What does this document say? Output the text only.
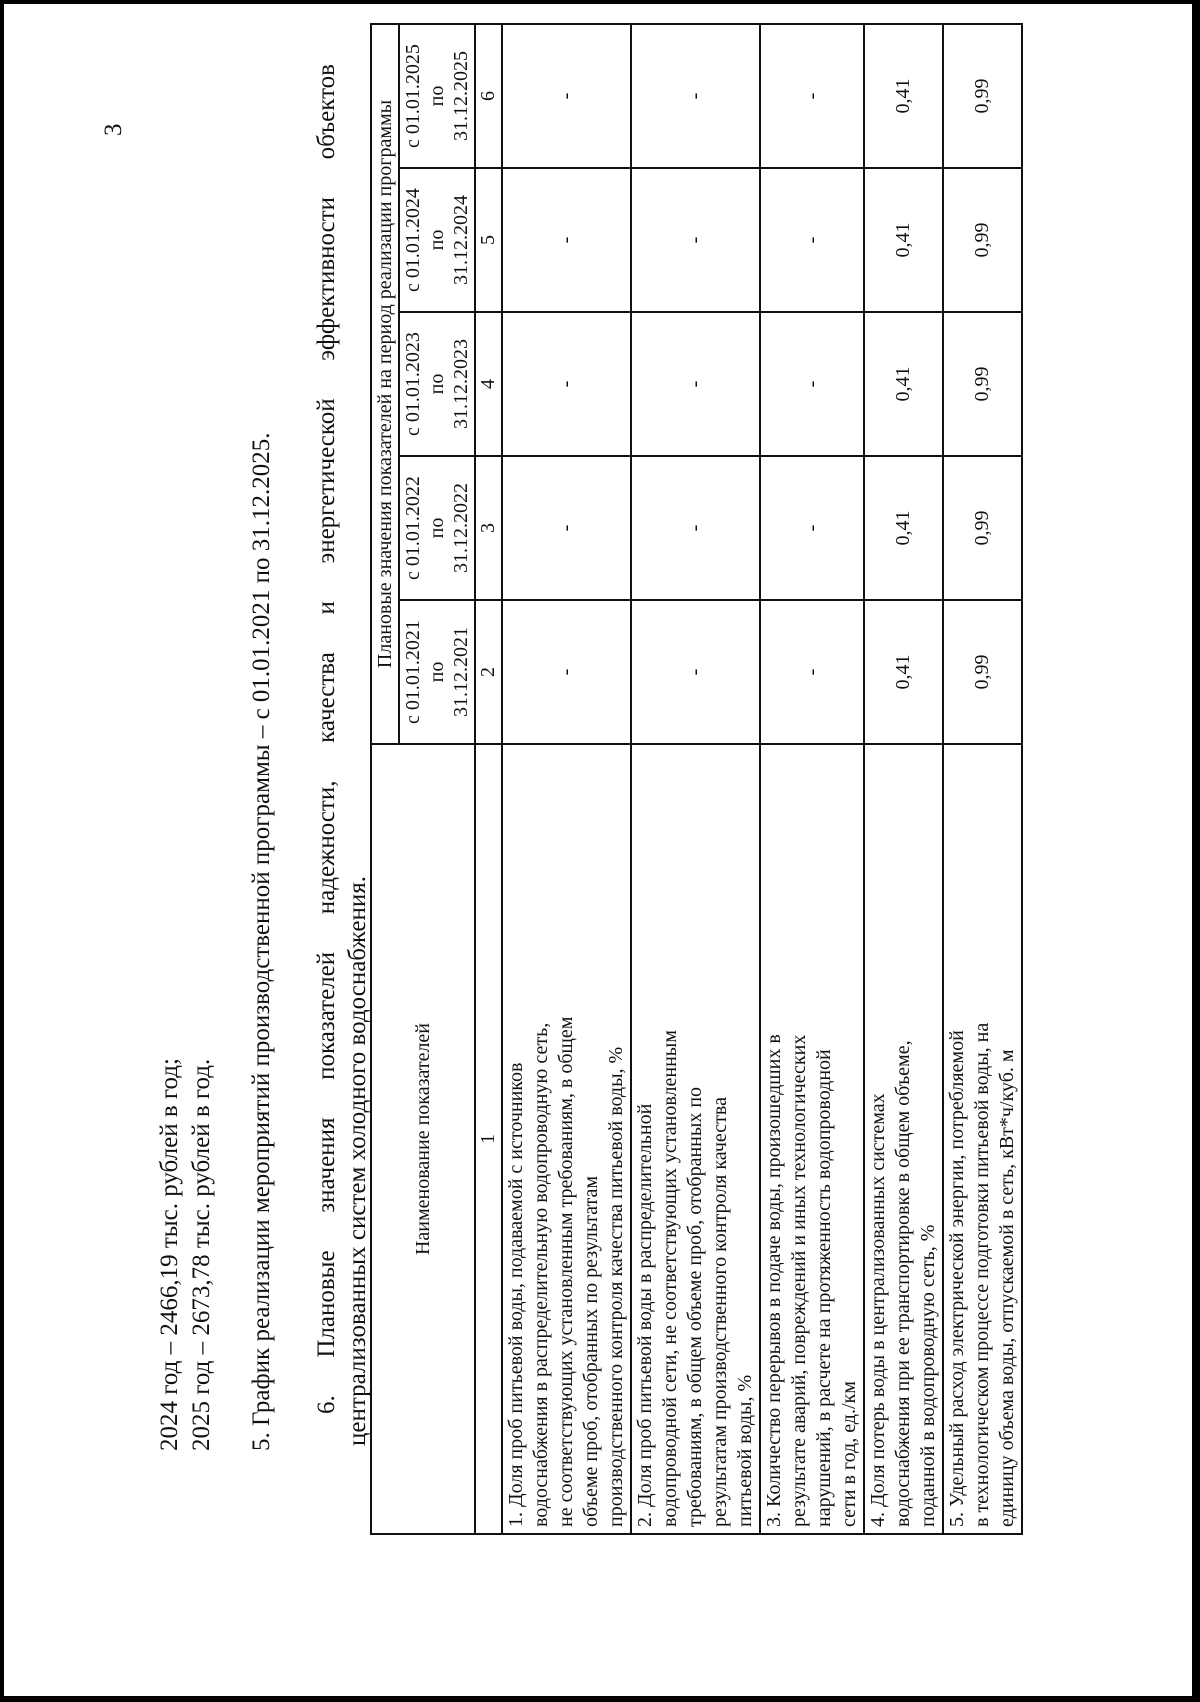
3
2024 год – 2466,19 тыс. рублей в год; 2025 год – 2673,78 тыс. рублей в год. 5. График реализации мероприятий производственной программы – с 01.01.2021 по 31.12.2025. 6. Плановые значения показателей надежности, качества и энергетической эффективности объектов централизованных систем холодного водоснабжения. Наименование показателей	Плановые значения показателей на период реализации программы				

	с 01.01.2021 по 31.12.2021	с 01.01.2022 по 31.12.2022	с 01.01.2023 по 31.12.2023	с 01.01.2024 по 31.12.2024	с 01.01.2025 по 31.12.2025

1	2	3	4	5	6

1. Доля проб питьевой воды, подаваемой с источников водоснабжения в распределительную водопроводную сеть, не соответствующих установленным требованиям, в общем объеме проб, отобранных по результатам производственного контроля качества питьевой воды, %	-	-	-	-	-

2. Доля проб питьевой воды в распределительной водопроводной сети, не соответствующих установленным требованиям, в общем объеме проб, отобранных по результатам производственного контроля качества питьевой воды, %	-	-	-	-	-

3. Количество перерывов в подаче воды, произошедших в результате аварий, повреждений и иных технологических нарушений, в расчете на протяженность водопроводной сети в год, ед./км	-	-	-	-	-

4. Доля потерь воды в централизованных системах водоснабжения при ее транспортировке в общем объеме, поданной в водопроводную сеть, %	0,41	0,41	0,41	0,41	0,41

5. Удельный расход электрической энергии, потребляемой в технологическом процессе подготовки питьевой воды, на единицу объема воды, отпускаемой в сеть, кВт*ч/куб. м	0,99	0,99	0,99	0,99	0,99
